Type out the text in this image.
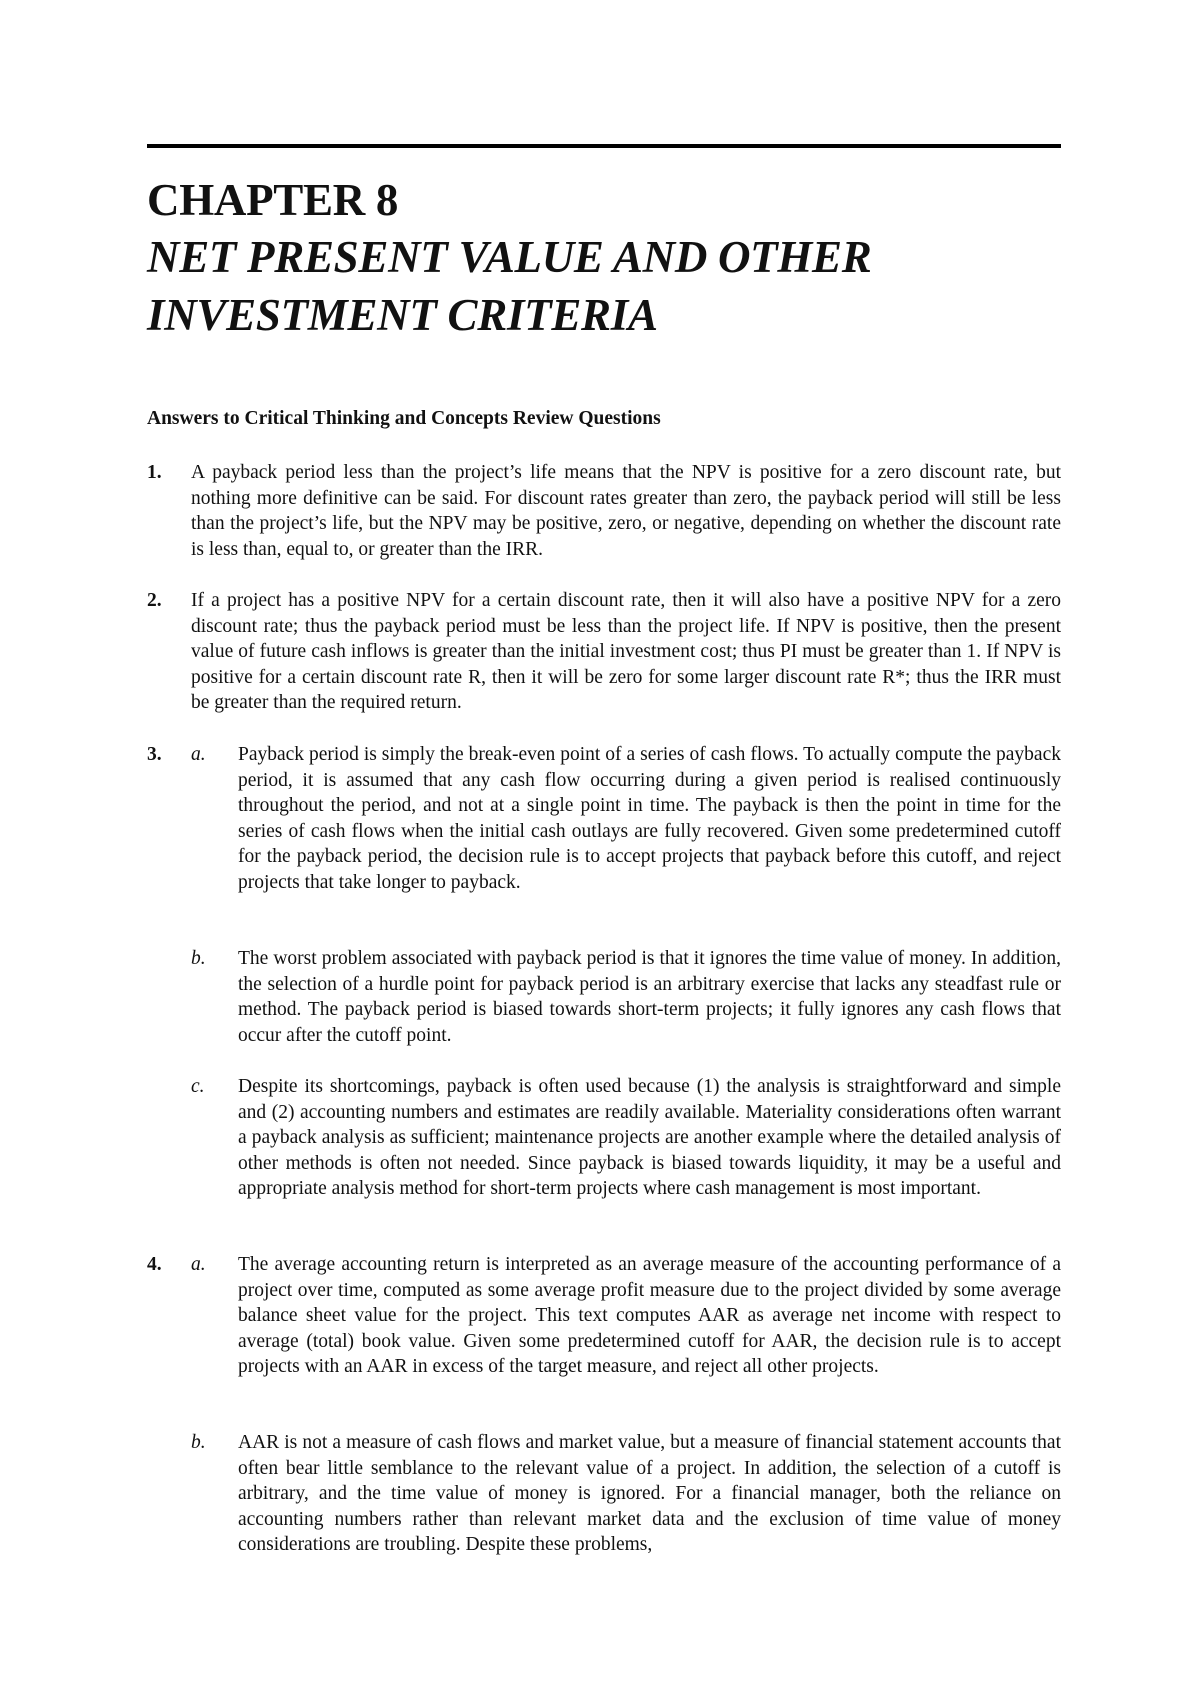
CHAPTER 8
NET PRESENT VALUE AND OTHER
INVESTMENT CRITERIA
Answers to Critical Thinking and Concepts Review Questions
1. A payback period less than the project’s life means that the NPV is positive for a zero discount rate, but nothing more definitive can be said. For discount rates greater than zero, the payback period will still be less than the project’s life, but the NPV may be positive, zero, or negative, depending on whether the discount rate is less than, equal to, or greater than the IRR.
2. If a project has a positive NPV for a certain discount rate, then it will also have a positive NPV for a zero discount rate; thus the payback period must be less than the project life. If NPV is positive, then the present value of future cash inflows is greater than the initial investment cost; thus PI must be greater than 1. If NPV is positive for a certain discount rate R, then it will be zero for some larger discount rate R*; thus the IRR must be greater than the required return.
3. a. Payback period is simply the break-even point of a series of cash flows. To actually compute the payback period, it is assumed that any cash flow occurring during a given period is realised continuously throughout the period, and not at a single point in time. The payback is then the point in time for the series of cash flows when the initial cash outlays are fully recovered. Given some predetermined cutoff for the payback period, the decision rule is to accept projects that payback before this cutoff, and reject projects that take longer to payback.
b. The worst problem associated with payback period is that it ignores the time value of money. In addition, the selection of a hurdle point for payback period is an arbitrary exercise that lacks any steadfast rule or method. The payback period is biased towards short-term projects; it fully ignores any cash flows that occur after the cutoff point.
c. Despite its shortcomings, payback is often used because (1) the analysis is straightforward and simple and (2) accounting numbers and estimates are readily available. Materiality considerations often warrant a payback analysis as sufficient; maintenance projects are another example where the detailed analysis of other methods is often not needed. Since payback is biased towards liquidity, it may be a useful and appropriate analysis method for short-term projects where cash management is most important.
4. a. The average accounting return is interpreted as an average measure of the accounting performance of a project over time, computed as some average profit measure due to the project divided by some average balance sheet value for the project. This text computes AAR as average net income with respect to average (total) book value. Given some predetermined cutoff for AAR, the decision rule is to accept projects with an AAR in excess of the target measure, and reject all other projects.
b. AAR is not a measure of cash flows and market value, but a measure of financial statement accounts that often bear little semblance to the relevant value of a project. In addition, the selection of a cutoff is arbitrary, and the time value of money is ignored. For a financial manager, both the reliance on accounting numbers rather than relevant market data and the exclusion of time value of money considerations are troubling. Despite these problems,
